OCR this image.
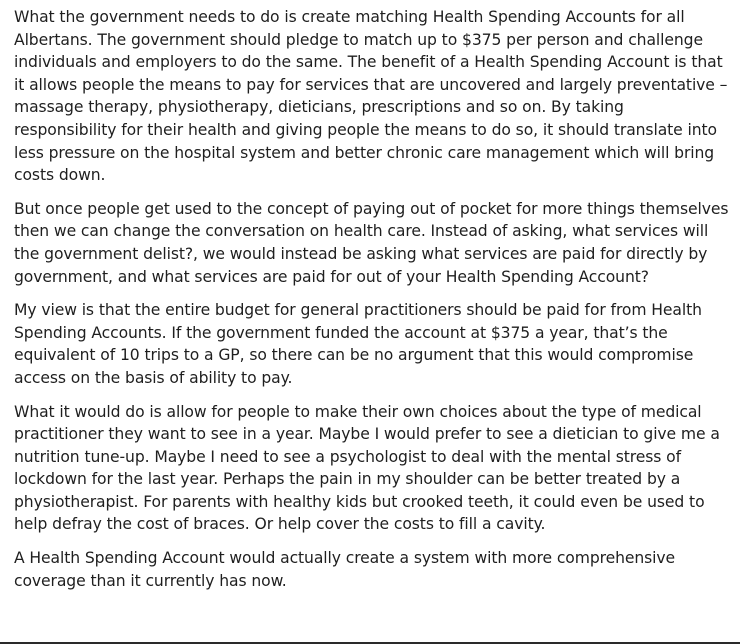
What the government needs to do is create matching Health Spending Accounts for all Albertans. The government should pledge to match up to $375 per person and challenge individuals and employers to do the same. The benefit of a Health Spending Account is that it allows people the means to pay for services that are uncovered and largely preventative – massage therapy, physiotherapy, dieticians, prescriptions and so on. By taking responsibility for their health and giving people the means to do so, it should translate into less pressure on the hospital system and better chronic care management which will bring costs down.

But once people get used to the concept of paying out of pocket for more things themselves then we can change the conversation on health care. Instead of asking, what services will the government delist?, we would instead be asking what services are paid for directly by government, and what services are paid for out of your Health Spending Account?

My view is that the entire budget for general practitioners should be paid for from Health Spending Accounts. If the government funded the account at $375 a year, that’s the equivalent of 10 trips to a GP, so there can be no argument that this would compromise access on the basis of ability to pay.

What it would do is allow for people to make their own choices about the type of medical practitioner they want to see in a year. Maybe I would prefer to see a dietician to give me a nutrition tune-up. Maybe I need to see a psychologist to deal with the mental stress of lockdown for the last year. Perhaps the pain in my shoulder can be better treated by a physiotherapist. For parents with healthy kids but crooked teeth, it could even be used to help defray the cost of braces. Or help cover the costs to fill a cavity.

A Health Spending Account would actually create a system with more comprehensive coverage than it currently has now.
